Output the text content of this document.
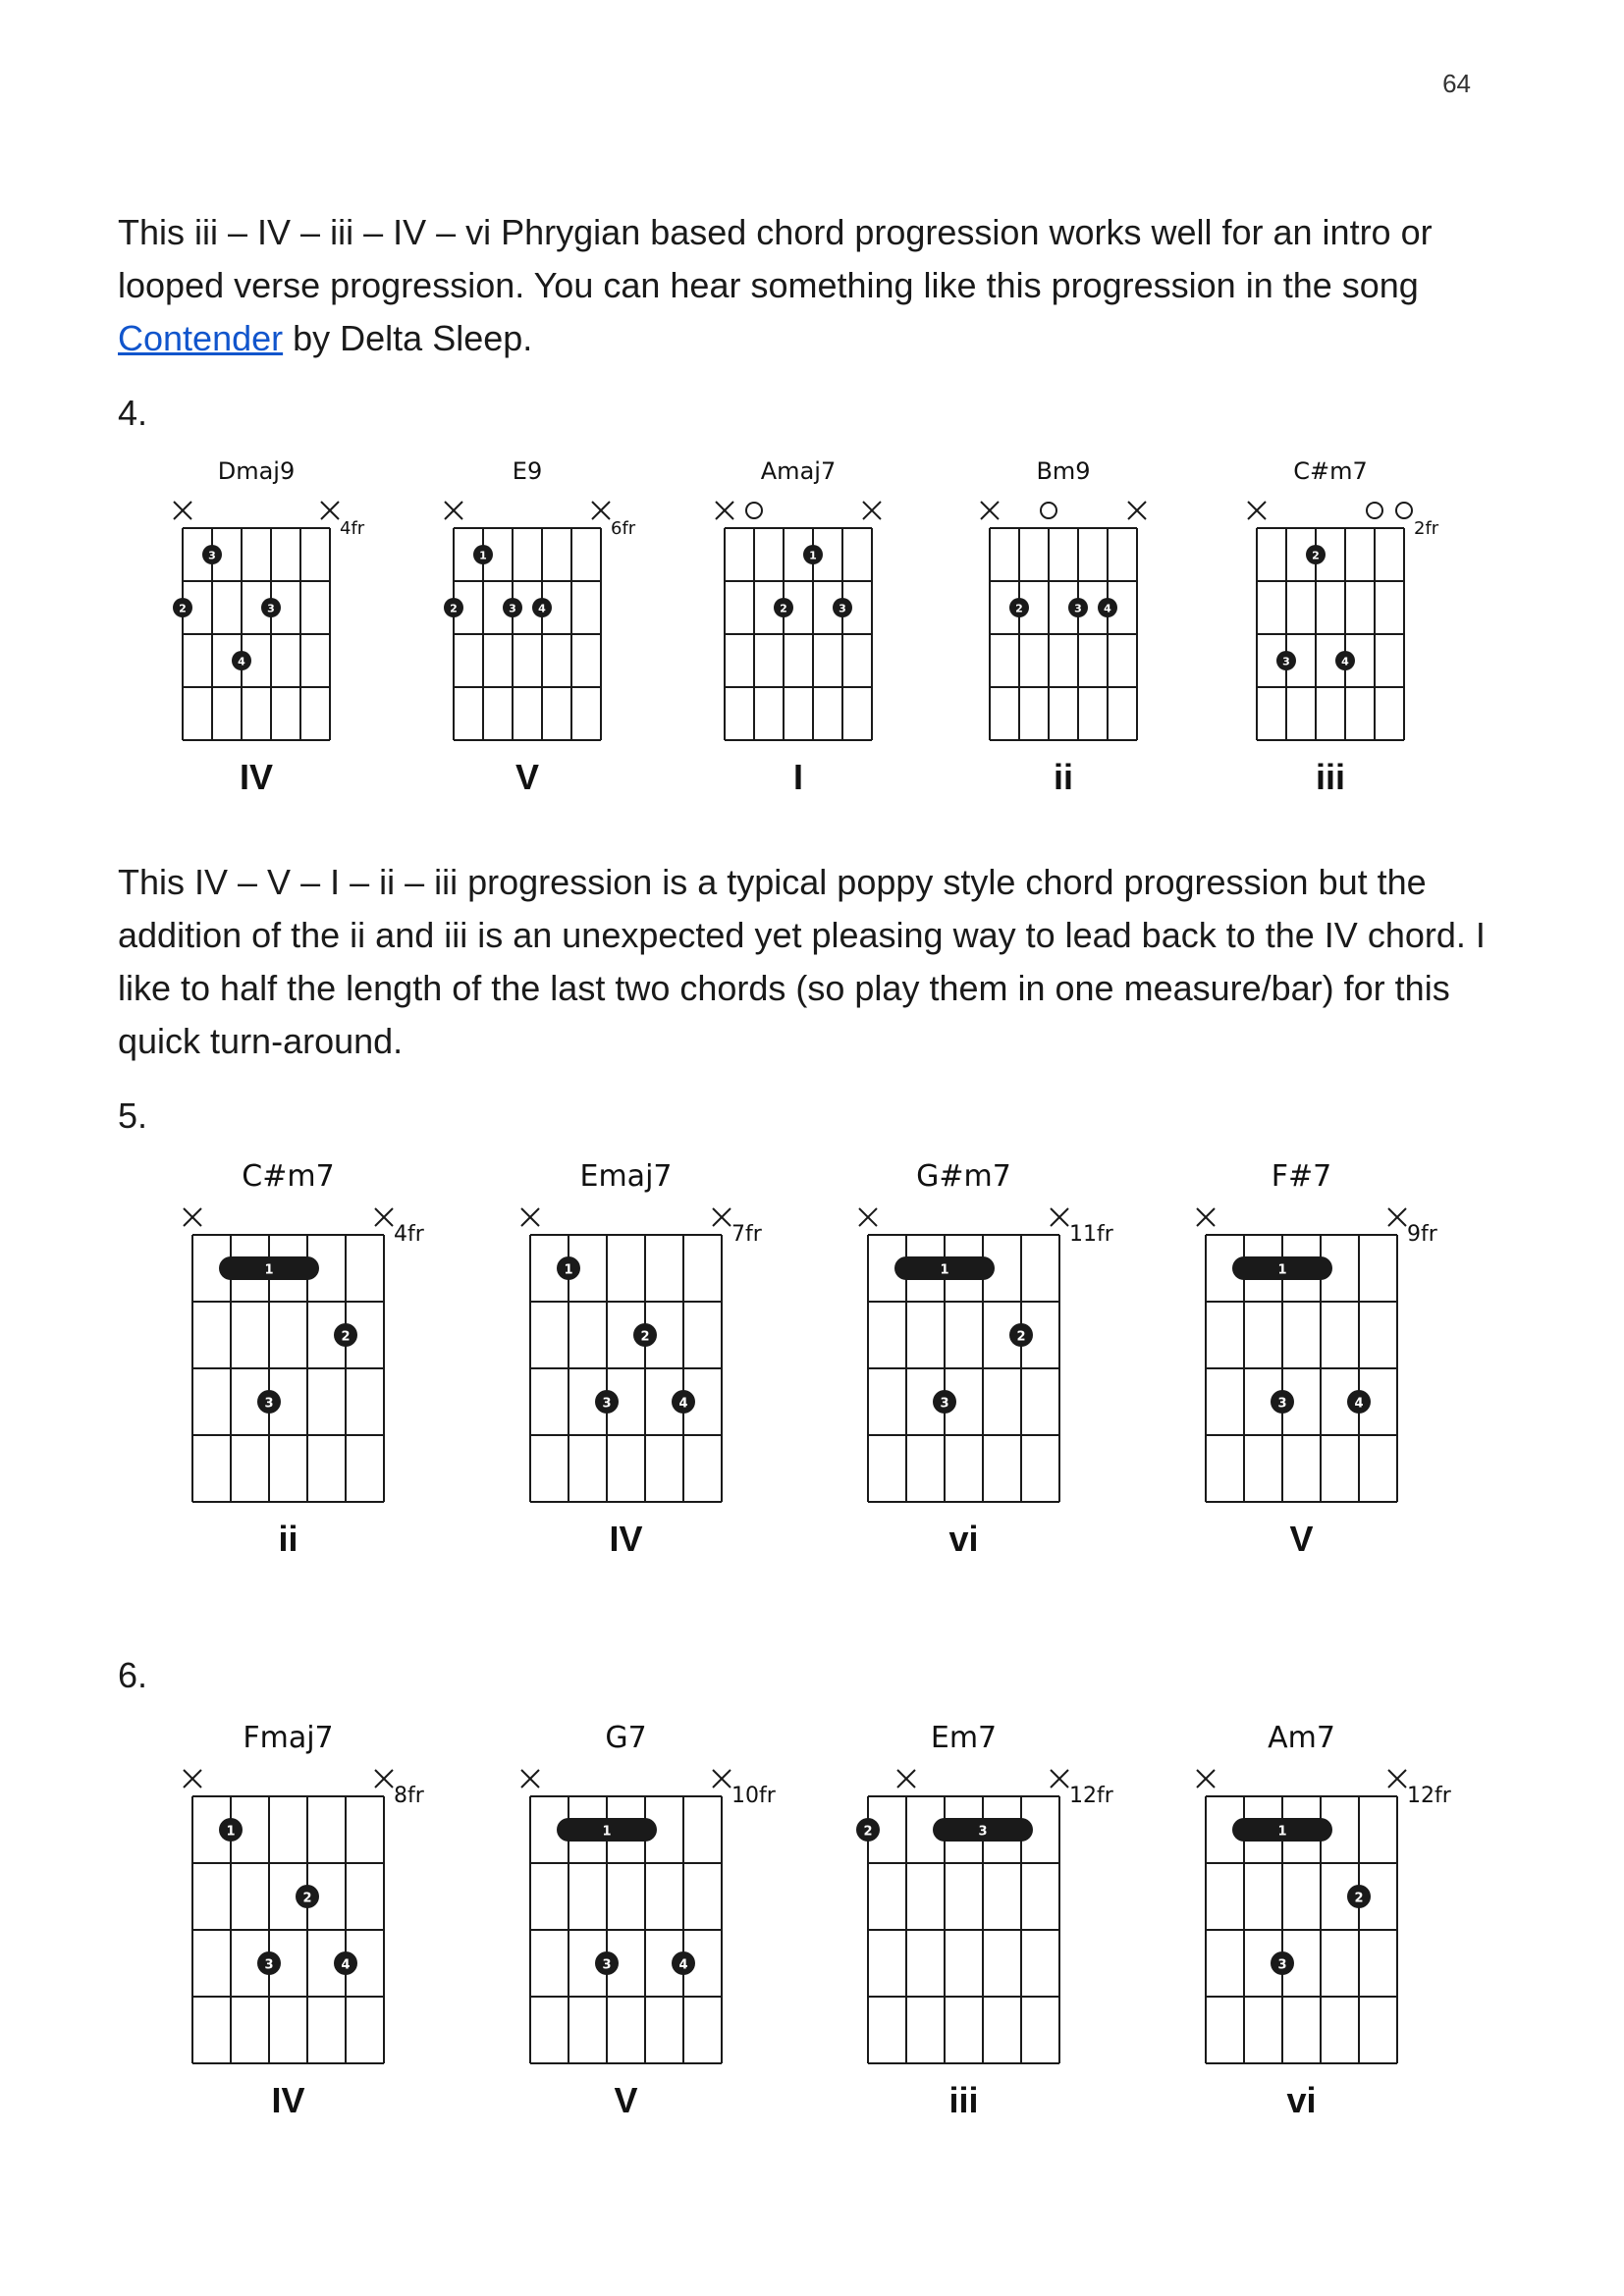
64

This iii – IV – iii – IV – vi Phrygian based chord progression works well for an intro or looped verse progression. You can hear something like this progression in the song Contender by Delta Sleep.

4.
Dmaj9
4fr
3
2	3
4
IV
E9
6fr
1
2	3 4
V
Amaj7
1
2	3
I
Bm9
2	3 4
ii
C#m7
2fr
2
3	4
iii

This IV – V – I – ii – iii progression is a typical poppy style chord progression but the addition of the ii and iii is an unexpected yet pleasing way to lead back to the IV chord. I like to half the length of the last two chords (so play them in one measure/bar) for this quick turn-around.

5.
C#m7
4fr
1
2
3
ii
Emaj7
7fr
1
2
3	4
IV
G#m7
11fr
1
2
3
vi
F#7
9fr
1
3	4
V
6.
Fmaj7
8fr
1
2
3	4
IV
G7
10fr
1
3	4
V
Em7
12fr
3
2
iii
Am7
12fr
1
2
3
vi
